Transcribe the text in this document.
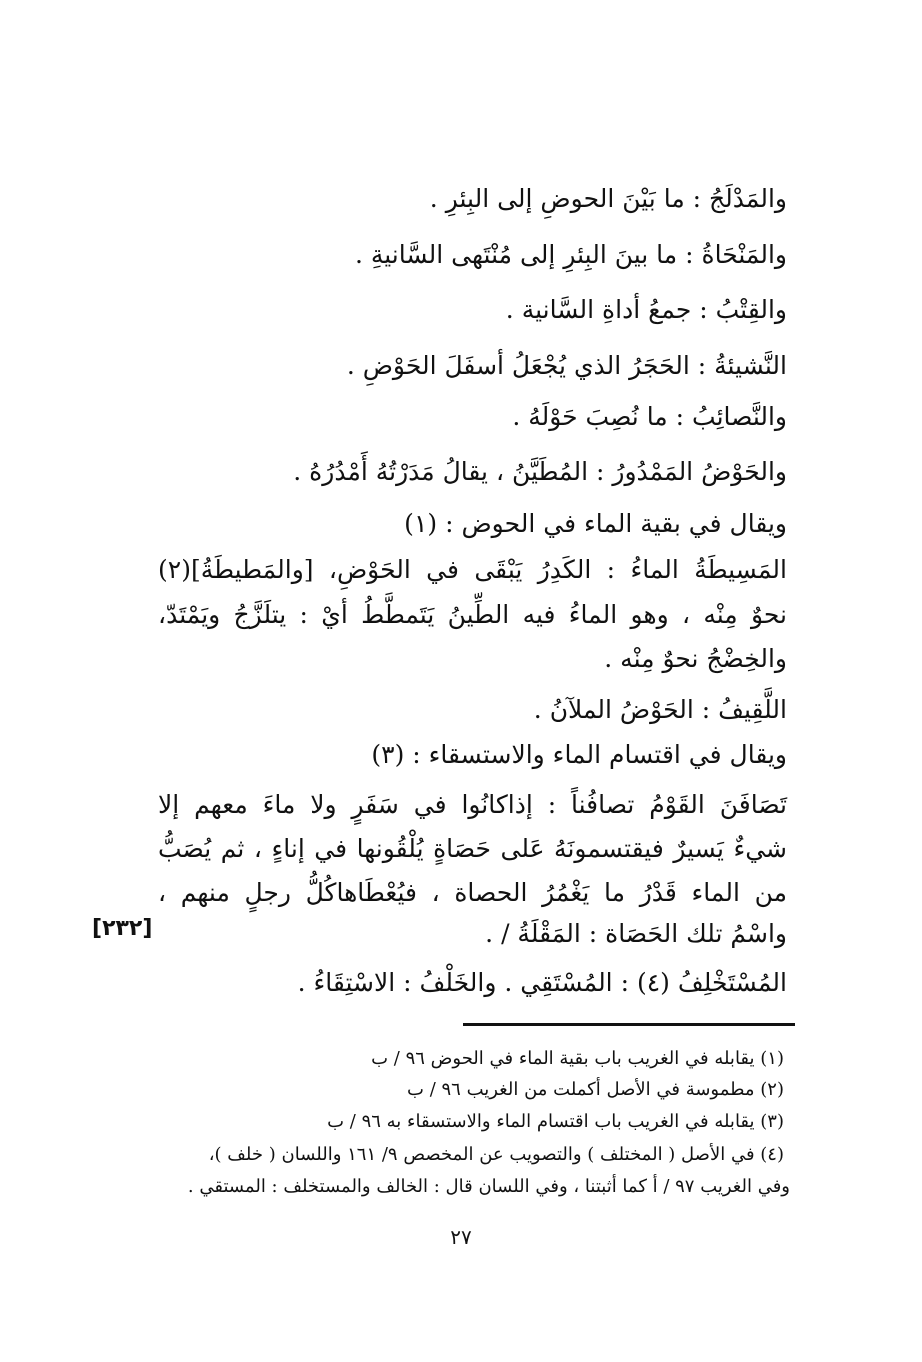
والمَدْلَجُ : ما بَيْنَ الحوضِ إلى البِئرِ .
والمَنْحَاةُ : ما بينَ البِئرِ إلى مُنْتَهى السَّانيةِ .
والقِتْبُ : جمعُ أداةِ السَّانية .
النَّشيئةُ : الحَجَرُ الذي يُجْعَلُ أسفَلَ الحَوْضِ .
والنَّصائِبُ : ما نُصِبَ حَوْلَهُ .
والحَوْضُ المَمْدُورُ : المُطَيَّنُ ، يقالُ مَدَرْتُهُ أَمْدُرُهُ .
ويقال في بقية الماء في الحوض : (١)
المَسِيطَةُ الماءُ : الكَدِرُ يَبْقَى في الحَوْضِ، [والمَطيطَةُ](٢)
نحوٌ مِنْه ، وهو الماءُ فيه الطِّينُ يَتَمطَّطُ أيْ : يتلَزَّجُ ويَمْتَدّ،
والخِضْجُ نحوٌ مِنْه .
اللَّقِيفُ : الحَوْضُ الملآنُ .
ويقال في اقتسام الماء والاستسقاء : (٣)
تَصَافَنَ القَوْمُ تصافُناً : إذاكانُوا في سَفَرٍ ولا ماءَ معهم إلا
شيءٌ يَسيرٌ فيقتسمونَهُ عَلى حَصَاةٍ يُلْقُونها في إناءٍ ، ثم يُصَبُّ
من الماء قَدْرُ ما يَغْمُرُ الحصاة ، فيُعْطَاهاكُلُّ رجلٍ منهم ،
واسْمُ تلك الحَصَاة : المَقْلَةُ / .
المُسْتَخْلِفُ (٤) : المُسْتَقِي . والخَلْفُ : الاسْتِقَاءُ .
[٢٣٢]
(١) يقابله في الغريب باب بقية الماء في الحوض ٩٦ / ب
(٢) مطموسة في الأصل أكملت من الغريب ٩٦ / ب
(٣) يقابله في الغريب باب اقتسام الماء والاستسقاء به ٩٦ / ب
(٤) في الأصل ( المختلف ) والتصويب عن المخصص ٩/ ١٦١ واللسان ( خلف )،
وفي الغريب ٩٧ / أ كما أثبتنا ، وفي اللسان قال : الخالف والمستخلف : المستقي .
٢٧
